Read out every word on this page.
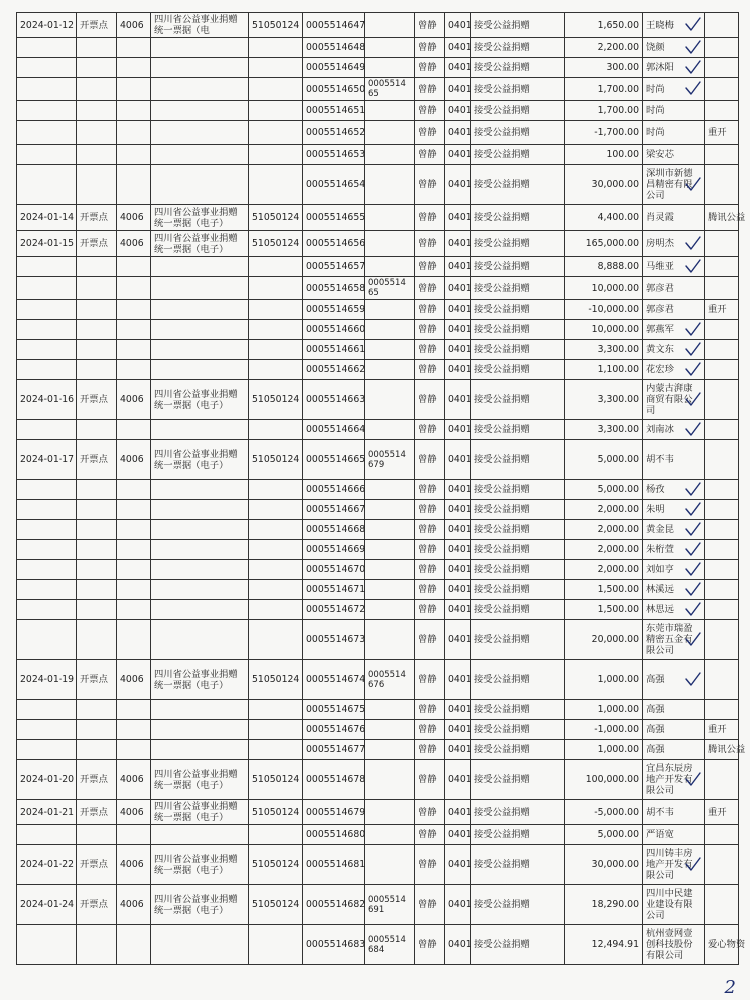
2024-01-12	开票点	4006	四川省公益事业捐赠统一票据（电	51050124	0005514647		曾静	0401	接受公益捐赠	1,650.00	王晓梅

					0005514648		曾静	0401	接受公益捐赠	2,200.00	饶颜

					0005514649		曾静	0401	接受公益捐赠	300.00	郭沐阳

					0005514650	000551465	曾静	0401	接受公益捐赠	1,700.00	时尚

					0005514651		曾静	0401	接受公益捐赠	1,700.00	时尚	
					0005514652		曾静	0401	接受公益捐赠	-1,700.00	时尚	重开
					0005514653		曾静	0401	接受公益捐赠	100.00	梁安芯	
					0005514654		曾静	0401	接受公益捐赠	30,000.00	深圳市新德昌精密有限公司

2024-01-14	开票点	4006	四川省公益事业捐赠统一票据（电子）	51050124	0005514655		曾静	0401	接受公益捐赠	4,400.00	肖灵霞	腾讯公益
2024-01-15	开票点	4006	四川省公益事业捐赠统一票据（电子）	51050124	0005514656		曾静	0401	接受公益捐赠	165,000.00	房明杰

					0005514657		曾静	0401	接受公益捐赠	8,888.00	马维亚

					0005514658	000551465	曾静	0401	接受公益捐赠	10,000.00	郭彦君	
					0005514659		曾静	0401	接受公益捐赠	-10,000.00	郭彦君	重开
					0005514660		曾静	0401	接受公益捐赠	10,000.00	郭燕军

					0005514661		曾静	0401	接受公益捐赠	3,300.00	黄文东

					0005514662		曾静	0401	接受公益捐赠	1,100.00	花宏珍

2024-01-16	开票点	4006	四川省公益事业捐赠统一票据（电子）	51050124	0005514663		曾静	0401	接受公益捐赠	3,300.00	内蒙古湃康商贸有限公司

					0005514664		曾静	0401	接受公益捐赠	3,300.00	刘南冰

2024-01-17	开票点	4006	四川省公益事业捐赠统一票据（电子）	51050124	0005514665	0005514679	曾静	0401	接受公益捐赠	5,000.00	胡不韦	
					0005514666		曾静	0401	接受公益捐赠	5,000.00	杨孜

					0005514667		曾静	0401	接受公益捐赠	2,000.00	朱明

					0005514668		曾静	0401	接受公益捐赠	2,000.00	黄金昆

					0005514669		曾静	0401	接受公益捐赠	2,000.00	朱桁萱

					0005514670		曾静	0401	接受公益捐赠	2,000.00	刘如亨

					0005514671		曾静	0401	接受公益捐赠	1,500.00	林溪远

					0005514672		曾静	0401	接受公益捐赠	1,500.00	林思远

					0005514673		曾静	0401	接受公益捐赠	20,000.00	东莞市瑞盈精密五金有限公司

2024-01-19	开票点	4006	四川省公益事业捐赠统一票据（电子）	51050124	0005514674	0005514676	曾静	0401	接受公益捐赠	1,000.00	高强

					0005514675		曾静	0401	接受公益捐赠	1,000.00	高强	
					0005514676		曾静	0401	接受公益捐赠	-1,000.00	高强	重开
					0005514677		曾静	0401	接受公益捐赠	1,000.00	高强	腾讯公益
2024-01-20	开票点	4006	四川省公益事业捐赠统一票据（电子）	51050124	0005514678		曾静	0401	接受公益捐赠	100,000.00	宜昌东辰房地产开发有限公司

2024-01-21	开票点	4006	四川省公益事业捐赠统一票据（电子）	51050124	0005514679		曾静	0401	接受公益捐赠	-5,000.00	胡不韦	重开
					0005514680		曾静	0401	接受公益捐赠	5,000.00	严语宽	
2024-01-22	开票点	4006	四川省公益事业捐赠统一票据（电子）	51050124	0005514681		曾静	0401	接受公益捐赠	30,000.00	四川铸丰房地产开发有限公司

2024-01-24	开票点	4006	四川省公益事业捐赠统一票据（电子）	51050124	0005514682	0005514691	曾静	0401	接受公益捐赠	18,290.00	四川中民建业建设有限公司	
					0005514683	0005514684	曾静	0401	接受公益捐赠	12,494.91	杭州壹网壹创科技股份有限公司	爱心物资
2
